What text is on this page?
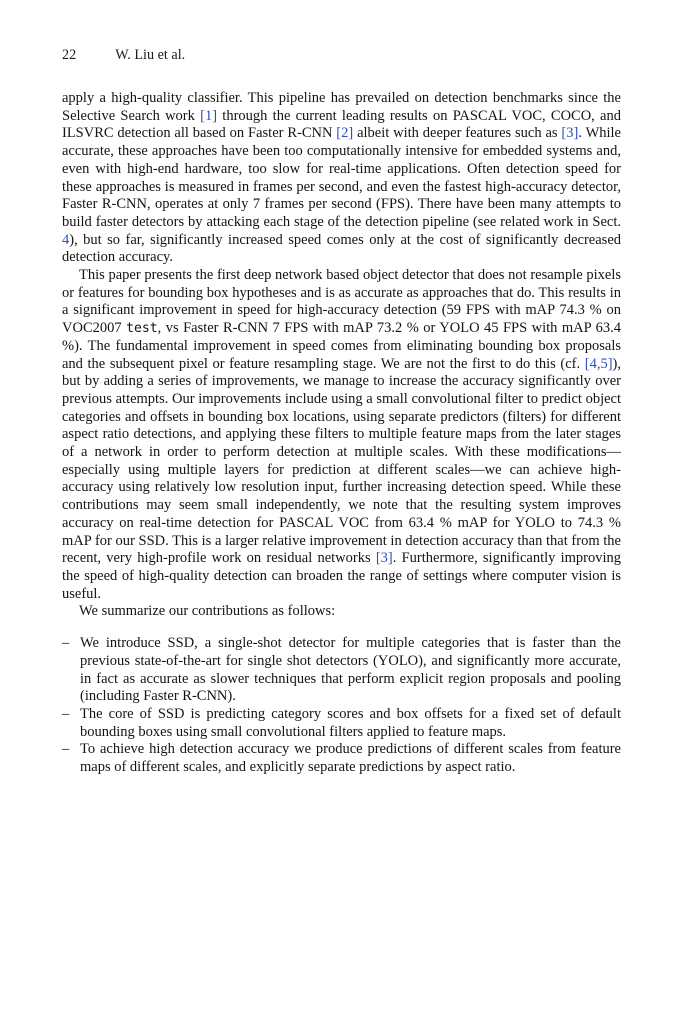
22	W. Liu et al.

apply a high-quality classifier. This pipeline has prevailed on detection benchmarks since the Selective Search work [1] through the current leading results on PASCAL VOC, COCO, and ILSVRC detection all based on Faster R-CNN [2] albeit with deeper features such as [3]. While accurate, these approaches have been too computationally intensive for embedded systems and, even with high-end hardware, too slow for real-time applications. Often detection speed for these approaches is measured in frames per second, and even the fastest high-accuracy detector, Faster R-CNN, operates at only 7 frames per second (FPS). There have been many attempts to build faster detectors by attacking each stage of the detection pipeline (see related work in Sect. 4), but so far, significantly increased speed comes only at the cost of significantly decreased detection accuracy.

This paper presents the first deep network based object detector that does not resample pixels or features for bounding box hypotheses and is as accurate as approaches that do. This results in a significant improvement in speed for high-accuracy detection (59 FPS with mAP 74.3 % on VOC2007 test, vs Faster R-CNN 7 FPS with mAP 73.2 % or YOLO 45 FPS with mAP 63.4 %). The fundamental improvement in speed comes from eliminating bounding box proposals and the subsequent pixel or feature resampling stage. We are not the first to do this (cf. [4,5]), but by adding a series of improvements, we manage to increase the accuracy significantly over previous attempts. Our improvements include using a small convolutional filter to predict object categories and offsets in bounding box locations, using separate predictors (filters) for different aspect ratio detections, and applying these filters to multiple feature maps from the later stages of a network in order to perform detection at multiple scales. With these modifications—especially using multiple layers for prediction at different scales—we can achieve high-accuracy using relatively low resolution input, further increasing detection speed. While these contributions may seem small independently, we note that the resulting system improves accuracy on real-time detection for PASCAL VOC from 63.4 % mAP for YOLO to 74.3 % mAP for our SSD. This is a larger relative improvement in detection accuracy than that from the recent, very high-profile work on residual networks [3]. Furthermore, significantly improving the speed of high-quality detection can broaden the range of settings where computer vision is useful.

We summarize our contributions as follows:

– We introduce SSD, a single-shot detector for multiple categories that is faster than the previous state-of-the-art for single shot detectors (YOLO), and significantly more accurate, in fact as accurate as slower techniques that perform explicit region proposals and pooling (including Faster R-CNN).
– The core of SSD is predicting category scores and box offsets for a fixed set of default bounding boxes using small convolutional filters applied to feature maps.
– To achieve high detection accuracy we produce predictions of different scales from feature maps of different scales, and explicitly separate predictions by aspect ratio.
